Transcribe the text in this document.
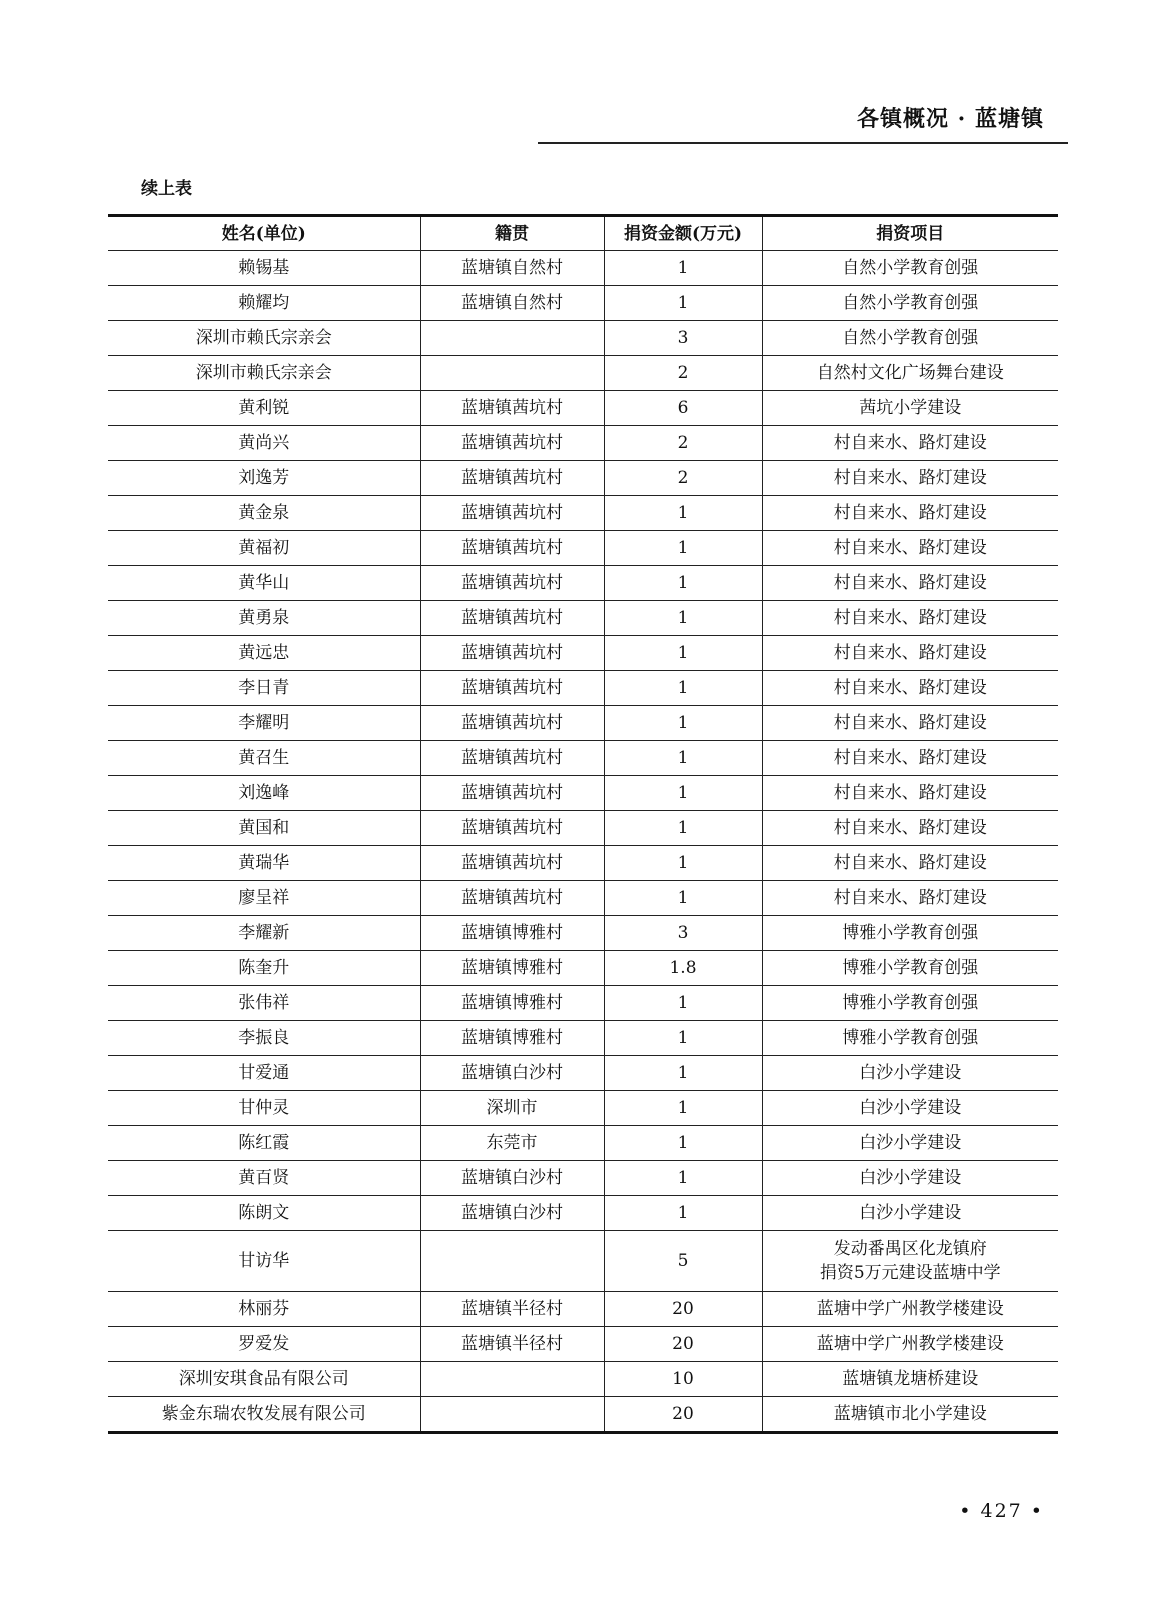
各镇概况 · 蓝塘镇
续上表
姓名(单位)	籍贯	捐资金额(万元)	捐资项目
赖锡基	蓝塘镇自然村	1	自然小学教育创强
赖耀均	蓝塘镇自然村	1	自然小学教育创强
深圳市赖氏宗亲会		3	自然小学教育创强
深圳市赖氏宗亲会		2	自然村文化广场舞台建设
黄利锐	蓝塘镇茜坑村	6	茜坑小学建设
黄尚兴	蓝塘镇茜坑村	2	村自来水、路灯建设
刘逸芳	蓝塘镇茜坑村	2	村自来水、路灯建设
黄金泉	蓝塘镇茜坑村	1	村自来水、路灯建设
黄福初	蓝塘镇茜坑村	1	村自来水、路灯建设
黄华山	蓝塘镇茜坑村	1	村自来水、路灯建设
黄勇泉	蓝塘镇茜坑村	1	村自来水、路灯建设
黄远忠	蓝塘镇茜坑村	1	村自来水、路灯建设
李日青	蓝塘镇茜坑村	1	村自来水、路灯建设
李耀明	蓝塘镇茜坑村	1	村自来水、路灯建设
黄召生	蓝塘镇茜坑村	1	村自来水、路灯建设
刘逸峰	蓝塘镇茜坑村	1	村自来水、路灯建设
黄国和	蓝塘镇茜坑村	1	村自来水、路灯建设
黄瑞华	蓝塘镇茜坑村	1	村自来水、路灯建设
廖呈祥	蓝塘镇茜坑村	1	村自来水、路灯建设
李耀新	蓝塘镇博雅村	3	博雅小学教育创强
陈奎升	蓝塘镇博雅村	1.8	博雅小学教育创强
张伟祥	蓝塘镇博雅村	1	博雅小学教育创强
李振良	蓝塘镇博雅村	1	博雅小学教育创强
甘爱通	蓝塘镇白沙村	1	白沙小学建设
甘仲灵	深圳市	1	白沙小学建设
陈红霞	东莞市	1	白沙小学建设
黄百贤	蓝塘镇白沙村	1	白沙小学建设
陈朗文	蓝塘镇白沙村	1	白沙小学建设
甘访华		5	发动番禺区化龙镇府
捐资5万元建设蓝塘中学
林丽芬	蓝塘镇半径村	20	蓝塘中学广州教学楼建设
罗爱发	蓝塘镇半径村	20	蓝塘中学广州教学楼建设
深圳安琪食品有限公司		10	蓝塘镇龙塘桥建设
紫金东瑞农牧发展有限公司		20	蓝塘镇市北小学建设
• 427 •
